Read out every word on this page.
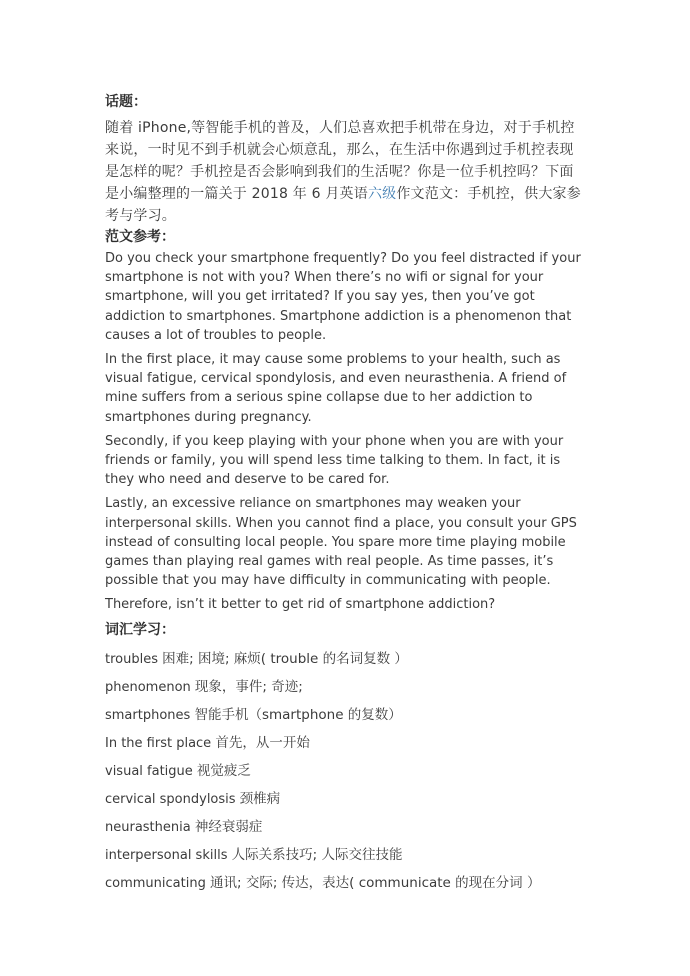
话题：

随着 iPhone,等智能手机的普及，人们总喜欢把手机带在身边，对于手机控来说，一时见不到手机就会心烦意乱，那么，在生活中你遇到过手机控表现是怎样的呢？手机控是否会影响到我们的生活呢？你是一位手机控吗？下面是小编整理的一篇关于 2018 年 6 月英语六级作文范文：手机控，供大家参考与学习。

范文参考：

Do you check your smartphone frequently? Do you feel distracted if your smartphone is not with you? When there’s no wifi or signal for your smartphone, will you get irritated? If you say yes, then you’ve got addiction to smartphones. Smartphone addiction is a phenomenon that causes a lot of troubles to people.

In the first place, it may cause some problems to your health, such as visual fatigue, cervical spondylosis, and even neurasthenia. A friend of mine suffers from a serious spine collapse due to her addiction to smartphones during pregnancy.

Secondly, if you keep playing with your phone when you are with your friends or family, you will spend less time talking to them. In fact, it is they who need and deserve to be cared for.

Lastly, an excessive reliance on smartphones may weaken your interpersonal skills. When you cannot find a place, you consult your GPS instead of consulting local people. You spare more time playing mobile games than playing real games with real people. As time passes, it’s possible that you may have difficulty in communicating with people.

Therefore, isn’t it better to get rid of smartphone addiction?

词汇学习：

troubles 困难; 困境; 麻烦( trouble 的名词复数 ）

phenomenon 现象，事件; 奇迹;

smartphones 智能手机（smartphone 的复数）

In the first place 首先，从一开始

visual fatigue 视觉疲乏

cervical spondylosis 颈椎病

neurasthenia 神经衰弱症

interpersonal skills 人际关系技巧; 人际交往技能

communicating 通讯; 交际; 传达，表达( communicate 的现在分词 ）
